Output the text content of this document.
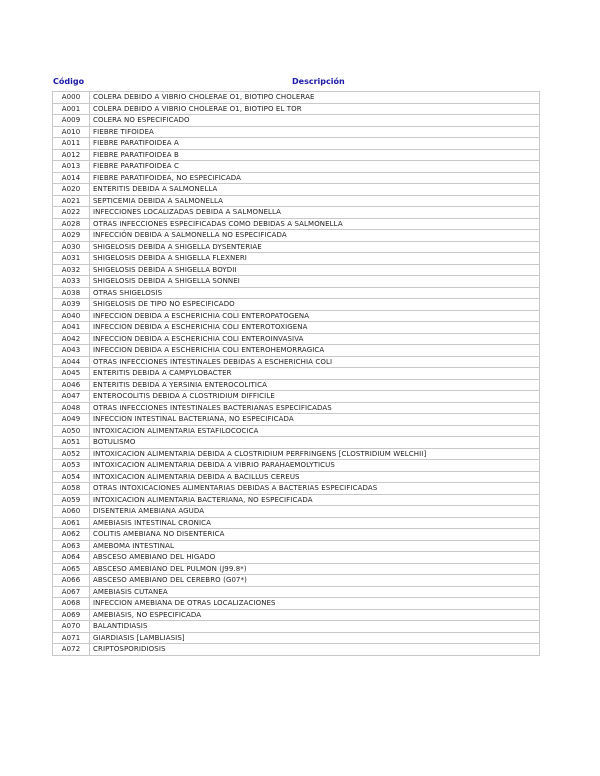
Código	Descripción
A000	COLERA DEBIDO A VIBRIO CHOLERAE O1, BIOTIPO CHOLERAE
A001	COLERA DEBIDO A VIBRIO CHOLERAE O1, BIOTIPO EL TOR
A009	COLERA NO ESPECIFICADO
A010	FIEBRE TIFOIDEA
A011	FIEBRE PARATIFOIDEA A
A012	FIEBRE PARATIFOIDEA B
A013	FIEBRE PARATIFOIDEA C
A014	FIEBRE PARATIFOIDEA, NO ESPECIFICADA
A020	ENTERITIS DEBIDA A SALMONELLA
A021	SEPTICEMIA DEBIDA A SALMONELLA
A022	INFECCIONES LOCALIZADAS DEBIDA A SALMONELLA
A028	OTRAS INFECCIONES ESPECIFICADAS COMO DEBIDAS A SALMONELLA
A029	INFECCIÓN DEBIDA A SALMONELLA NO ESPECIFICADA
A030	SHIGELOSIS DEBIDA A SHIGELLA DYSENTERIAE
A031	SHIGELOSIS DEBIDA A SHIGELLA FLEXNERI
A032	SHIGELOSIS DEBIDA A SHIGELLA BOYDII
A033	SHIGELOSIS DEBIDA A SHIGELLA SONNEI
A038	OTRAS SHIGELOSIS
A039	SHIGELOSIS DE TIPO NO ESPECIFICADO
A040	INFECCION DEBIDA A ESCHERICHIA COLI ENTEROPATOGENA
A041	INFECCION DEBIDA A ESCHERICHIA COLI ENTEROTOXIGENA
A042	INFECCION DEBIDA A ESCHERICHIA COLI ENTEROINVASIVA
A043	INFECCION DEBIDA A ESCHERICHIA COLI ENTEROHEMORRAGICA
A044	OTRAS INFECCIONES INTESTINALES DEBIDAS A ESCHERICHIA COLI
A045	ENTERITIS DEBIDA A CAMPYLOBACTER
A046	ENTERITIS DEBIDA A YERSINIA ENTEROCOLITICA
A047	ENTEROCOLITIS DEBIDA A CLOSTRIDIUM DIFFICILE
A048	OTRAS INFECCIONES INTESTINALES BACTERIANAS ESPECIFICADAS
A049	INFECCION INTESTINAL BACTERIANA, NO ESPECIFICADA
A050	INTOXICACION ALIMENTARIA ESTAFILOCOCICA
A051	BOTULISMO
A052	INTOXICACION ALIMENTARIA DEBIDA A CLOSTRIDIUM PERFRINGENS [CLOSTRIDIUM WELCHII]
A053	INTOXICACION ALIMENTARIA DEBIDA A VIBRIO PARAHAEMOLYTICUS
A054	INTOXICACION ALIMENTARIA DEBIDA A BACILLUS CEREUS
A058	OTRAS INTOXICACIONES ALIMENTARIAS DEBIDAS A BACTERIAS ESPECIFICADAS
A059	INTOXICACION ALIMENTARIA BACTERIANA, NO ESPECIFICADA
A060	DISENTERIA AMEBIANA AGUDA
A061	AMEBIASIS INTESTINAL CRONICA
A062	COLITIS AMEBIANA NO DISENTERICA
A063	AMEBOMA INTESTINAL
A064	ABSCESO AMEBIANO DEL HIGADO
A065	ABSCESO AMEBIANO DEL PULMON (J99.8*)
A066	ABSCESO AMEBIANO DEL CEREBRO (G07*)
A067	AMEBIASIS CUTANEA
A068	INFECCION AMEBIANA DE OTRAS LOCALIZACIONES
A069	AMEBIASIS, NO ESPECIFICADA
A070	BALANTIDIASIS
A071	GIARDIASIS [LAMBLIASIS]
A072	CRIPTOSPORIDIOSIS
